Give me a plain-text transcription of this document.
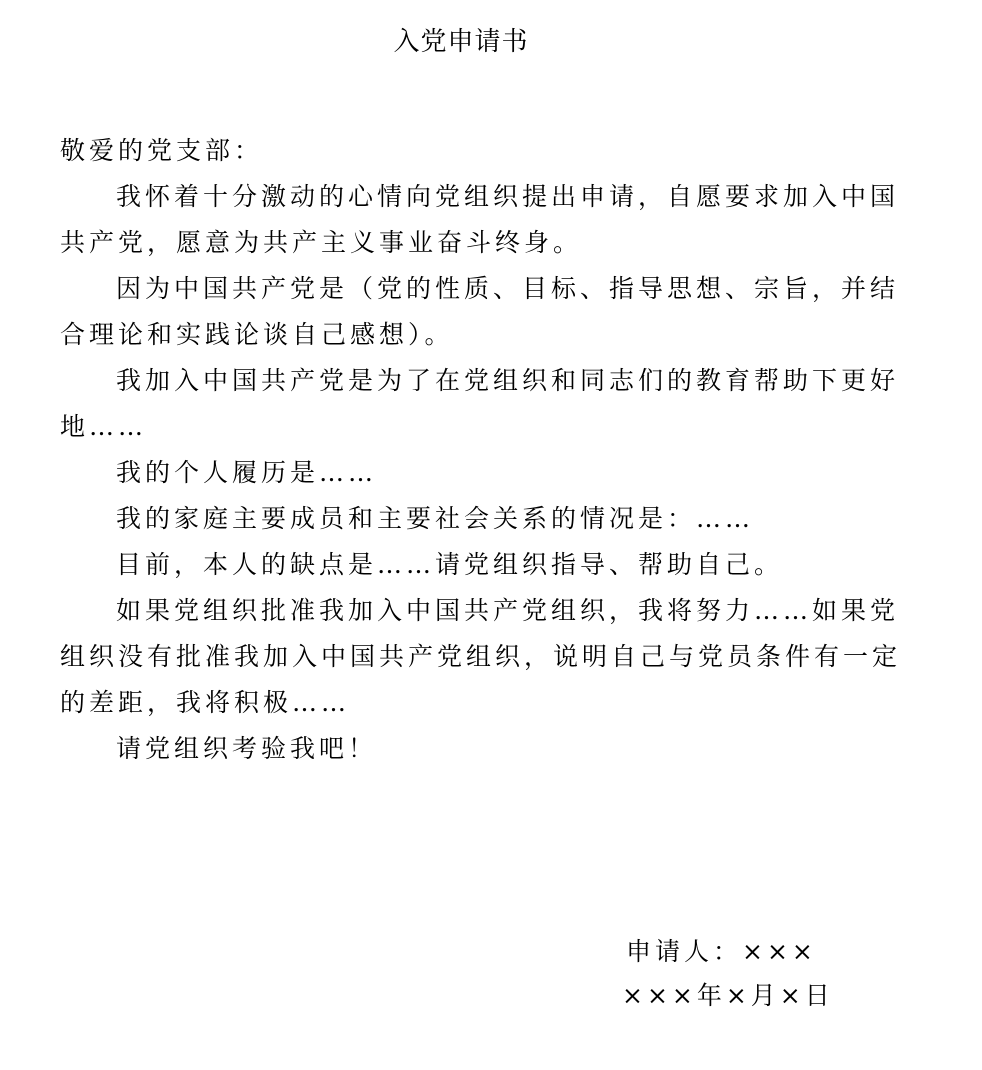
入党申请书

敬爱的党支部：

我怀着十分激动的心情向党组织提出申请，自愿要求加入中国共产党，愿意为共产主义事业奋斗终身。

因为中国共产党是（党的性质、目标、指导思想、宗旨，并结合理论和实践论谈自己感想）。

我加入中国共产党是为了在党组织和同志们的教育帮助下更好地……

我的个人履历是……

我的家庭主要成员和主要社会关系的情况是：……

目前，本人的缺点是……请党组织指导、帮助自己。

如果党组织批准我加入中国共产党组织，我将努力……如果党组织没有批准我加入中国共产党组织，说明自己与党员条件有一定的差距，我将积极……

请党组织考验我吧！

申请人：×××

×××年×月×日
